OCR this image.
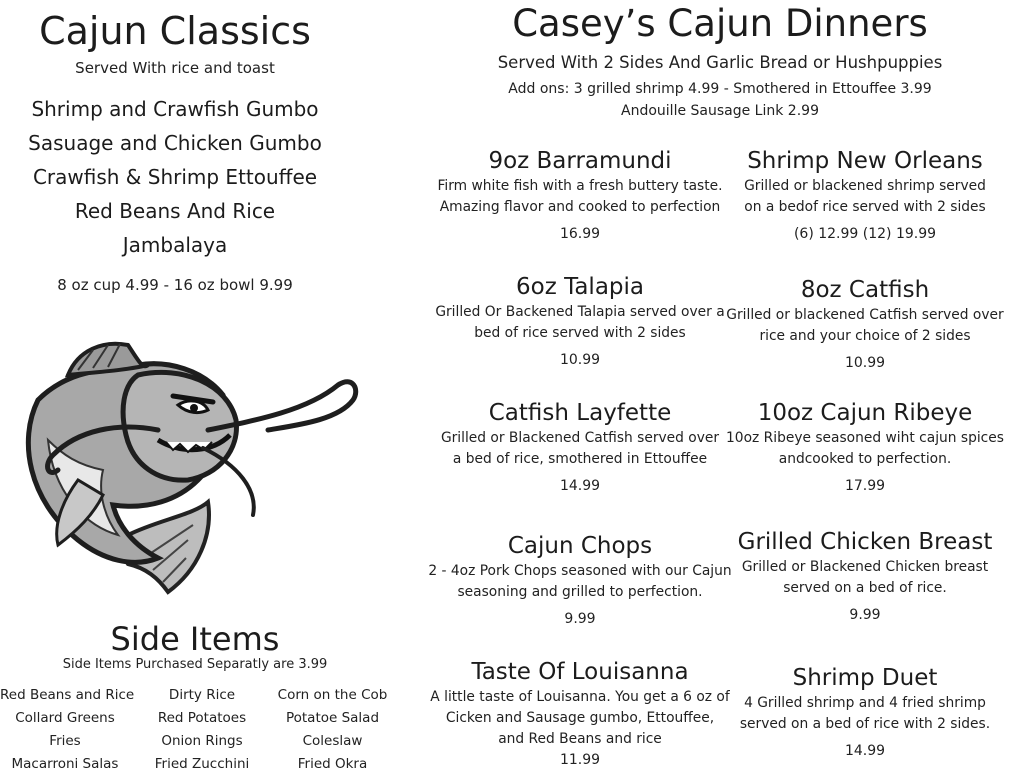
Cajun Classics
Served With rice and toast
Shrimp and Crawfish Gumbo
Sasuage and Chicken Gumbo
Crawfish & Shrimp Ettouffee
Red Beans And Rice
Jambalaya
8 oz cup 4.99 - 16 oz bowl 9.99
Side Items
Side Items Purchased Separatly are 3.99
Red Beans and Rice
Collard Greens
Fries
Macarroni Salas
Dirty Rice
Red Potatoes
Onion Rings
Fried Zucchini
Corn on the Cob
Potatoe Salad
Coleslaw
Fried Okra
Casey’s Cajun Dinners
Served With 2 Sides And Garlic Bread or Hushpuppies
Add ons: 3 grilled shrimp 4.99 - Smothered in Ettouffee 3.99
Andouille Sausage Link 2.99
9oz Barramundi
Firm white fish with a fresh buttery taste.
Amazing flavor and cooked to perfection
16.99
Shrimp New Orleans
Grilled or blackened shrimp served
on a bedof rice served with 2 sides
(6) 12.99 (12) 19.99
6oz Talapia
Grilled Or Backened Talapia served over a
bed of rice served with 2 sides
10.99
8oz Catfish
Grilled or blackened Catfish served over
rice and your choice of 2 sides
10.99
Catfish Layfette
Grilled or Blackened Catfish served over
a bed of rice, smothered in Ettouffee
14.99
10oz Cajun Ribeye
10oz Ribeye seasoned wiht cajun spices
andcooked to perfection.
17.99
Cajun Chops
2 - 4oz Pork Chops seasoned with our Cajun
seasoning and grilled to perfection.
9.99
Grilled Chicken Breast
Grilled or Blackened Chicken breast
served on a bed of rice.
9.99
Taste Of Louisanna
A little taste of Louisanna. You get a 6 oz of
Cicken and Sausage gumbo, Ettouffee,
and Red Beans and rice
11.99
Shrimp Duet
4 Grilled shrimp and 4 fried shrimp
served on a bed of rice with 2 sides.
14.99
